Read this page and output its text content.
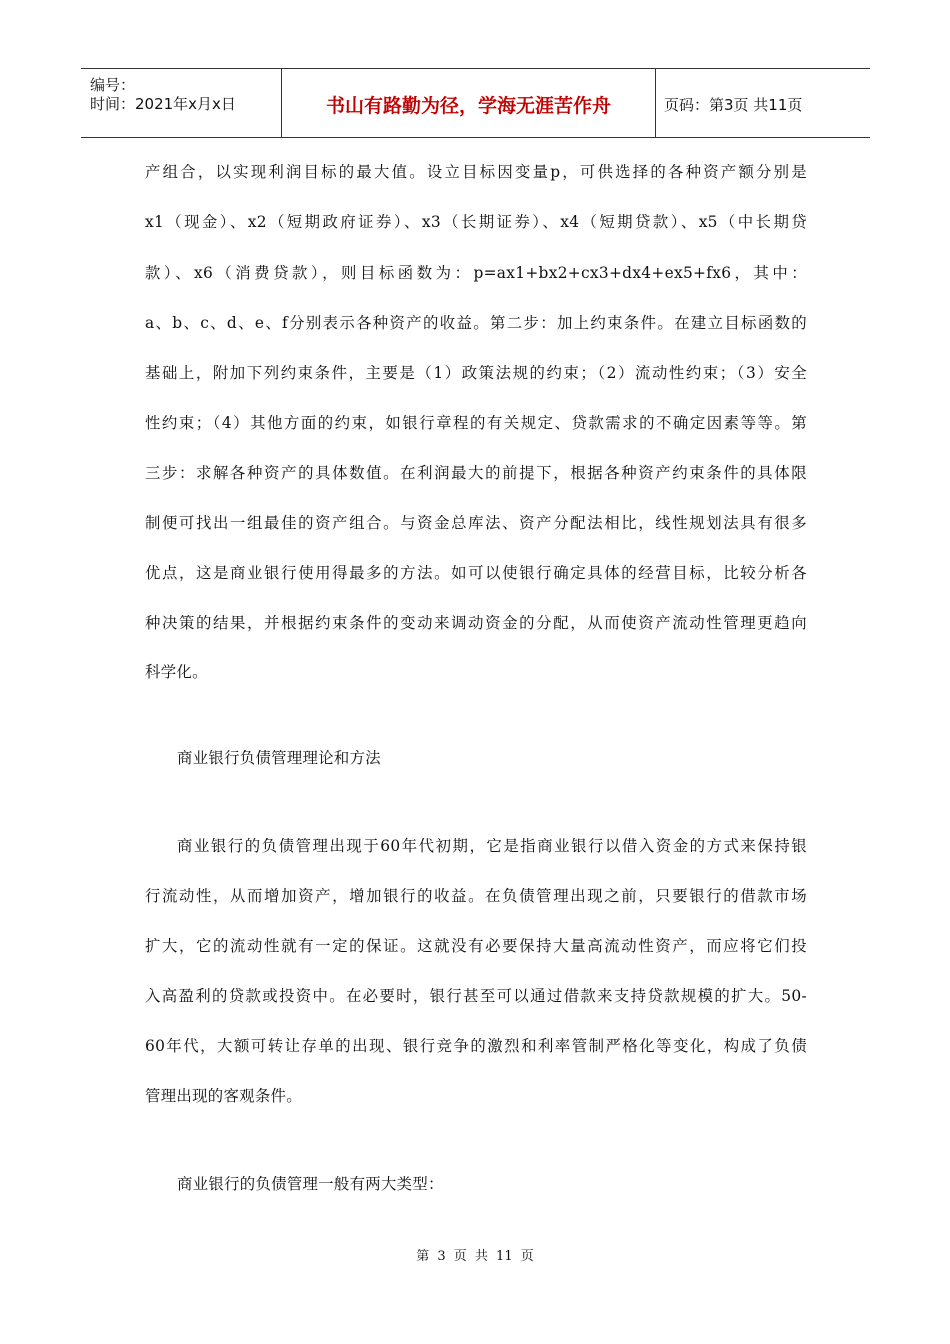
编号：
时间：2021年x月x日	书山有路勤为径，学海无涯苦作舟	页码：第3页 共11页
产组合，以实现利润目标的最大值。设立目标因变量p，可供选择的各种资产额分别是
x1（现金）、x2（短期政府证券）、x3（长期证券）、x4（短期贷款）、x5（中长期贷
款）、x6（消费贷款），则目标函数为：p=ax1+bx2+cx3+dx4+ex5+fx6，其中：
a、b、c、d、e、f分别表示各种资产的收益。第二步：加上约束条件。在建立目标函数的
基础上，附加下列约束条件，主要是（1）政策法规的约束；（2）流动性约束；（3）安全
性约束；（4）其他方面的约束，如银行章程的有关规定、贷款需求的不确定因素等等。第
三步：求解各种资产的具体数值。在利润最大的前提下，根据各种资产约束条件的具体限
制便可找出一组最佳的资产组合。与资金总库法、资产分配法相比，线性规划法具有很多
优点，这是商业银行使用得最多的方法。如可以使银行确定具体的经营目标，比较分析各
种决策的结果，并根据约束条件的变动来调动资金的分配，从而使资产流动性管理更趋向
科学化。
商业银行负债管理理论和方法
商业银行的负债管理出现于60年代初期，它是指商业银行以借入资金的方式来保持银
行流动性，从而增加资产，增加银行的收益。在负债管理出现之前，只要银行的借款市场
扩大，它的流动性就有一定的保证。这就没有必要保持大量高流动性资产，而应将它们投
入高盈利的贷款或投资中。在必要时，银行甚至可以通过借款来支持贷款规模的扩大。50-
60年代，大额可转让存单的出现、银行竞争的激烈和利率管制严格化等变化，构成了负债
管理出现的客观条件。
商业银行的负债管理一般有两大类型：
第 3 页 共 11 页
